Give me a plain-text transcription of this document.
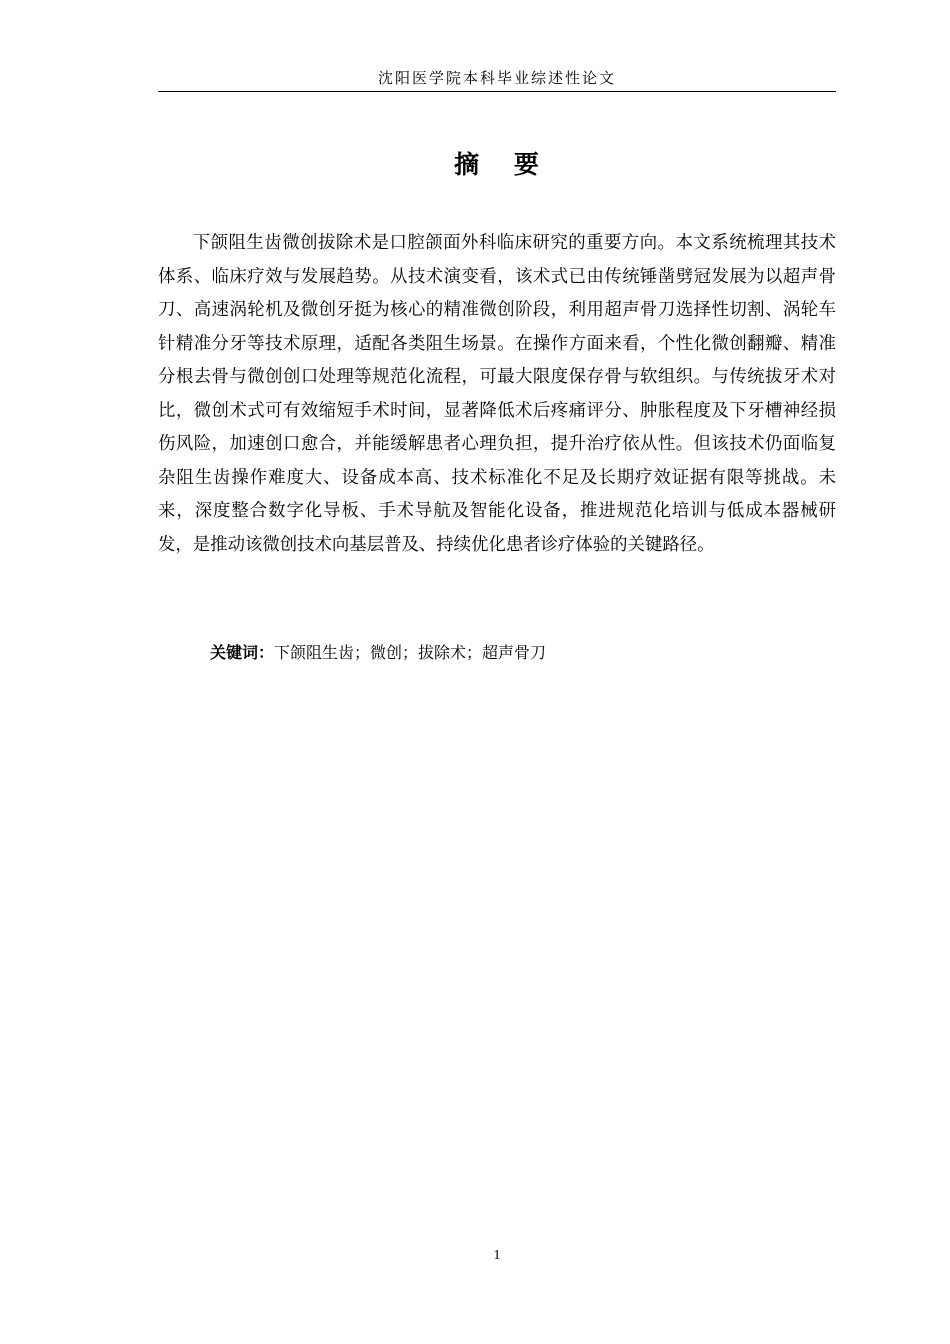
沈阳医学院本科毕业综述性论文
摘 要

下颌阻生齿微创拔除术是口腔颌面外科临床研究的重要方向。本文系统梳理其技术体系、临床疗效与发展趋势。从技术演变看，该术式已由传统锤凿劈冠发展为以超声骨刀、高速涡轮机及微创牙挺为核心的精准微创阶段，利用超声骨刀选择性切割、涡轮车针精准分牙等技术原理，适配各类阻生场景。在操作方面来看，个性化微创翻瓣、精准分根去骨与微创创口处理等规范化流程，可最大限度保存骨与软组织。与传统拔牙术对比，微创术式可有效缩短手术时间，显著降低术后疼痛评分、肿胀程度及下牙槽神经损伤风险，加速创口愈合，并能缓解患者心理负担，提升治疗依从性。但该技术仍面临复杂阻生齿操作难度大、设备成本高、技术标准化不足及长期疗效证据有限等挑战。未来，深度整合数字化导板、手术导航及智能化设备，推进规范化培训与低成本器械研发，是推动该微创技术向基层普及、持续优化患者诊疗体验的关键路径。

关键词：下颌阻生齿；微创；拔除术；超声骨刀
1
